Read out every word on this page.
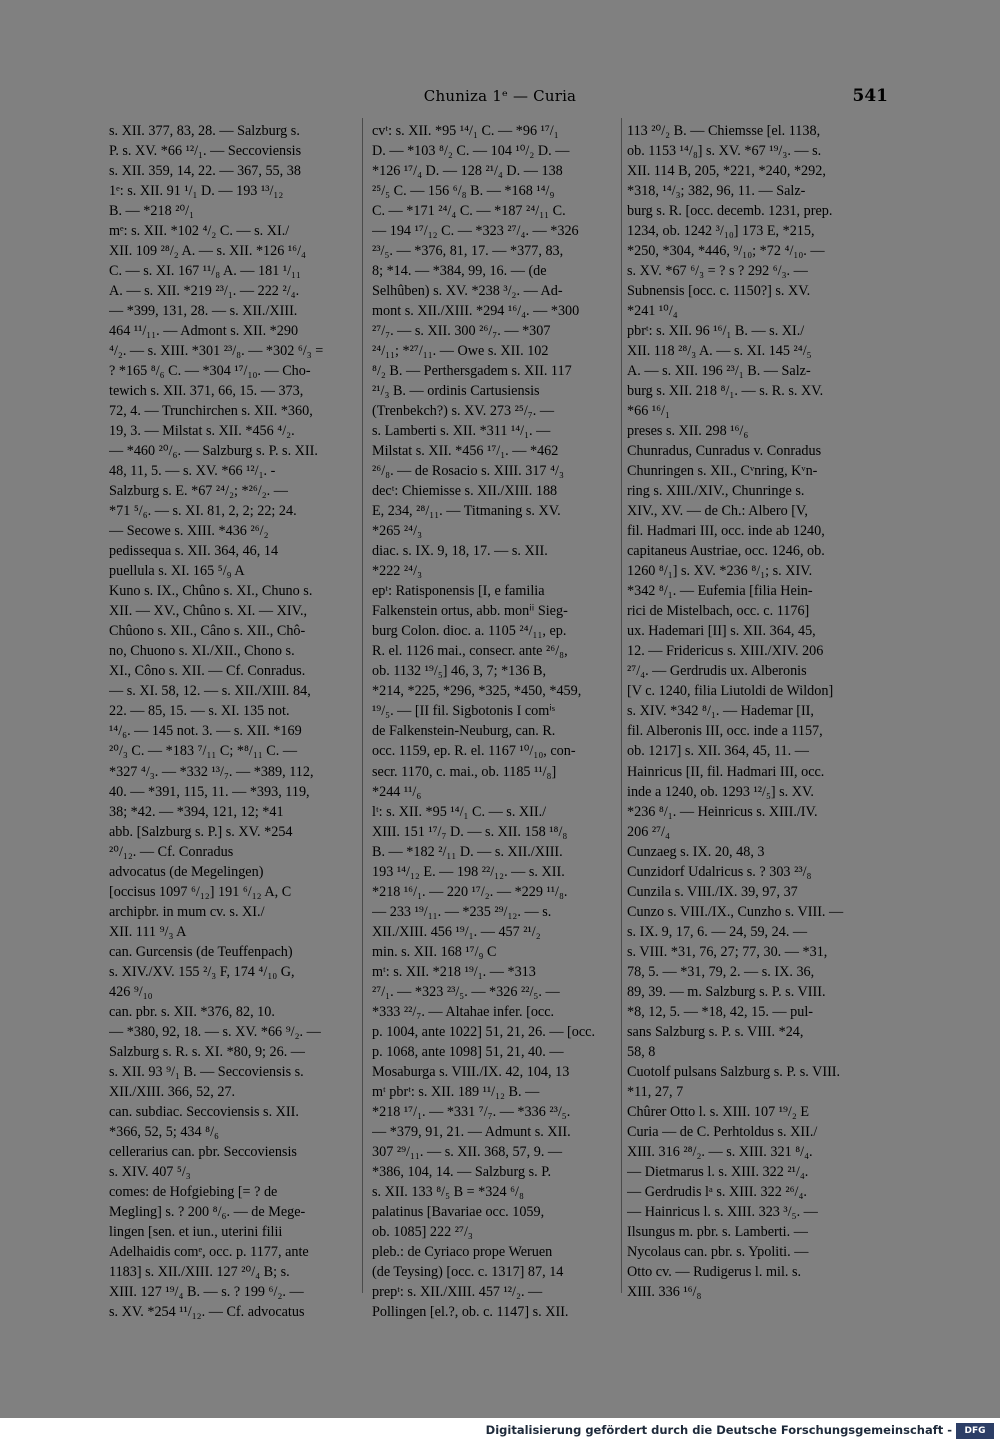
Chuniza 1ᵉ — Curia	541
s. XII. 377, 83, 28. — Salzburg s.
P. s. XV. *66 ¹²/₁. — Seccoviensis
s. XII. 359, 14, 22. — 367, 55, 38
1ᵉ: s. XII. 91 ¹/₁ D. — 193 ¹³/₁₂
B. — *218 ²⁰/₁
mᵉ: s. XII. *102 ⁴/₂ C. — s. XI./
XII. 109 ²⁸/₂ A. — s. XII. *126 ¹⁶/₄
C. — s. XI. 167 ¹¹/₈ A. — 181 ¹/₁₁
A. — s. XII. *219 ²³/₁. — 222 ²/₄.
— *399, 131, 28. — s. XII./XIII.
464 ¹¹/₁₁. — Admont s. XII. *290
⁴/₂. — s. XIII. *301 ²³/₈. — *302 ⁶/₃ =
? *165 ⁸/₆ C. — *304 ¹⁷/₁₀. — Cho-
tewich s. XII. 371, 66, 15. — 373,
72, 4. — Trunchirchen s. XII. *360,
19, 3. — Milstat s. XII. *456 ⁴/₂.
— *460 ²⁰/₆. — Salzburg s. P. s. XII.
48, 11, 5. — s. XV. *66 ¹²/₁. -
Salzburg s. E. *67 ²⁴/₂; *²⁶/₂. —
*71 ⁵/₆. — s. XI. 81, 2, 2; 22; 24.
— Secowe s. XIII. *436 ²⁶/₂
pedissequa s. XII. 364, 46, 14
puellula s. XI. 165 ⁵/₉ A
Kuno s. IX., Chûno s. XI., Chuno s.
XII. — XV., Chûno s. XI. — XIV.,
Chûono s. XII., Câno s. XII., Chô-
no, Chuono s. XI./XII., Chono s.
XI., Côno s. XII. — Cf. Conradus.
— s. XI. 58, 12. — s. XII./XIII. 84,
22. — 85, 15. — s. XI. 135 not.
¹⁴/₆. — 145 not. 3. — s. XII. *169
²⁰/₃ C. — *183 ⁷/₁₁ C; *⁸/₁₁ C. —
*327 ⁴/₃. — *332 ¹³/₇. — *389, 112,
40. — *391, 115, 11. — *393, 119,
38; *42. — *394, 121, 12; *41
abb. [Salzburg s. P.] s. XV. *254
²⁰/₁₂. — Cf. Conradus
advocatus (de Megelingen)
[occisus 1097 ⁶/₁₂] 191 ⁶/₁₂ A, C
archipbr. in mum cv. s. XI./
XII. 111 ⁹/₃ A
can. Gurcensis (de Teuffenpach)
s. XIV./XV. 155 ²/₃ F, 174 ⁴/₁₀ G,
426 ⁹/₁₀
can. pbr. s. XII. *376, 82, 10.
— *380, 92, 18. — s. XV. *66 ⁹/₂. —
Salzburg s. R. s. XI. *80, 9; 26. —
s. XII. 93 ⁹/₁ B. — Seccoviensis s.
XII./XIII. 366, 52, 27.
can. subdiac. Seccoviensis s. XII.
*366, 52, 5; 434 ⁸/₆
cellerarius can. pbr. Seccoviensis
s. XIV. 407 ⁵/₃
comes: de Hofgiebing [= ? de
Megling] s. ? 200 ⁸/₆. — de Mege-
lingen [sen. et iun., uterini filii
Adelhaidis comᵉ, occ. p. 1177, ante
1183] s. XII./XIII. 127 ²⁰/₄ B; s.
XIII. 127 ¹⁹/₄ B. — s. ? 199 ⁶/₂. —
s. XV. *254 ¹¹/₁₂. — Cf. advocatus
cvᵗ: s. XII. *95 ¹⁴/₁ C. — *96 ¹⁷/₁
D. — *103 ⁸/₂ C. — 104 ¹⁰/₂ D. —
*126 ¹⁷/₄ D. — 128 ²¹/₄ D. — 138
²⁵/₅ C. — 156 ⁶/₈ B. — *168 ¹⁴/₉
C. — *171 ²⁴/₄ C. — *187 ²⁴/₁₁ C.
— 194 ¹⁷/₁₂ C. — *323 ²⁷/₄. — *326
²³/₅. — *376, 81, 17. — *377, 83,
8; *14. — *384, 99, 16. — (de
Selhûben) s. XV. *238 ³/₂. — Ad-
mont s. XII./XIII. *294 ¹⁶/₄. — *300
²⁷/₇. — s. XII. 300 ²⁶/₇. — *307
²⁴/₁₁; *²⁷/₁₁. — Owe s. XII. 102
⁸/₂ B. — Perthersgadem s. XII. 117
²¹/₃ B. — ordinis Cartusiensis
(Trenbekch?) s. XV. 273 ²⁵/₇. —
s. Lamberti s. XII. *311 ¹⁴/₁. —
Milstat s. XII. *456 ¹⁷/₁. — *462
²⁶/₈. — de Rosacio s. XIII. 317 ⁴/₃
decᵗ: Chiemisse s. XII./XIII. 188
E, 234, ²⁸/₁₁. — Titmaning s. XV.
*265 ²⁴/₃
diac. s. IX. 9, 18, 17. — s. XII.
*222 ²⁴/₃
epᵗ: Ratisponensis [I, e familia
Falkenstein ortus, abb. monⁱⁱ Sieg-
burg Colon. dioc. a. 1105 ²⁴/₁₁, ep.
R. el. 1126 mai., consecr. ante ²⁶/₈,
ob. 1132 ¹⁹/₅] 46, 3, 7; *136 B,
*214, *225, *296, *325, *450, *459,
¹⁹/₅. — [II fil. Sigbotonis I comⁱˢ
de Falkenstein-Neuburg, can. R.
occ. 1159, ep. R. el. 1167 ¹⁰/₁₀, con-
secr. 1170, c. mai., ob. 1185 ¹¹/₈]
*244 ¹¹/₆
lᵗ: s. XII. *95 ¹⁴/₁ C. — s. XII./
XIII. 151 ¹⁷/₇ D. — s. XII. 158 ¹⁸/₈
B. — *182 ²/₁₁ D. — s. XII./XIII.
193 ¹⁴/₁₂ E. — 198 ²²/₁₂. — s. XII.
*218 ¹⁶/₁. — 220 ¹⁷/₂. — *229 ¹¹/₈.
— 233 ¹⁹/₁₁. — *235 ²⁹/₁₂. — s.
XII./XIII. 456 ¹⁹/₁. — 457 ²¹/₂
min. s. XII. 168 ¹⁷/₉ C
mᵗ: s. XII. *218 ¹⁹/₁. — *313
²⁷/₁. — *323 ²³/₅. — *326 ²²/₅. —
*333 ²²/₇. — Altahae infer. [occ.
p. 1004, ante 1022] 51, 21, 26. — [occ.
p. 1068, ante 1098] 51, 21, 40. —
Mosaburga s. VIII./IX. 42, 104, 13
mᵗ pbrᵗ: s. XII. 189 ¹¹/₁₂ B. —
*218 ¹⁷/₁. — *331 ⁷/₇. — *336 ²³/₅.
— *379, 91, 21. — Admunt s. XII.
307 ²⁹/₁₁. — s. XII. 368, 57, 9. —
*386, 104, 14. — Salzburg s. P.
s. XII. 133 ⁸/₅ B = *324 ⁶/₈
palatinus [Bavariae occ. 1059,
ob. 1085] 222 ²⁷/₃
pleb.: de Cyriaco prope Weruen
(de Teysing) [occ. c. 1317] 87, 14
prepᵗ: s. XII./XIII. 457 ¹²/₂. —
Pollingen [el.?, ob. c. 1147] s. XII.
113 ²⁰/₂ B. — Chiemsse [el. 1138,
ob. 1153 ¹⁴/₈] s. XV. *67 ¹⁹/₃. — s.
XII. 114 B, 205, *221, *240, *292,
*318, ¹⁴/₃; 382, 96, 11. — Salz-
burg s. R. [occ. decemb. 1231, prep.
1234, ob. 1242 ³/₁₀] 173 E, *215,
*250, *304, *446, ⁹/₁₀; *72 ⁴/₁₀. —
s. XV. *67 ⁶/₃ = ? s ? 292 ⁶/₃. —
Subnensis [occ. c. 1150?] s. XV.
*241 ¹⁰/₄
pbrᵗ: s. XII. 96 ¹⁶/₁ B. — s. XI./
XII. 118 ²⁸/₃ A. — s. XI. 145 ²⁴/₅
A. — s. XII. 196 ²³/₁ B. — Salz-
burg s. XII. 218 ⁸/₁. — s. R. s. XV.
*66 ¹⁶/₁
preses s. XII. 298 ¹⁶/₆
Chunradus, Cunradus v. Conradus
Chunringen s. XII., Cᵛnring, Kᵛn-
ring s. XIII./XIV., Chunringe s.
XIV., XV. — de Ch.: Albero [V,
fil. Hadmari III, occ. inde ab 1240,
capitaneus Austriae, occ. 1246, ob.
1260 ⁸/₁] s. XV. *236 ⁸/₁; s. XIV.
*342 ⁸/₁. — Eufemia [filia Hein-
rici de Mistelbach, occ. c. 1176]
ux. Hademari [II] s. XII. 364, 45,
12. — Fridericus s. XIII./XIV. 206
²⁷/₄. — Gerdrudis ux. Alberonis
[V c. 1240, filia Liutoldi de Wildon]
s. XIV. *342 ⁸/₁. — Hademar [II,
fil. Alberonis III, occ. inde a 1157,
ob. 1217] s. XII. 364, 45, 11. —
Hainricus [II, fil. Hadmari III, occ.
inde a 1240, ob. 1293 ¹²/₅] s. XV.
*236 ⁸/₁. — Heinricus s. XIII./IV.
206 ²⁷/₄
Cunzaeg s. IX. 20, 48, 3
Cunzidorf Udalricus s. ? 303 ²³/₈
Cunzila s. VIII./IX. 39, 97, 37
Cunzo s. VIII./IX., Cunzho s. VIII. —
s. IX. 9, 17, 6. — 24, 59, 24. —
s. VIII. *31, 76, 27; 77, 30. — *31,
78, 5. — *31, 79, 2. — s. IX. 36,
89, 39. — m. Salzburg s. P. s. VIII.
*8, 12, 5. — *18, 42, 15. — pul-
sans Salzburg s. P. s. VIII. *24,
58, 8
Cuotolf pulsans Salzburg s. P. s. VIII.
*11, 27, 7
Chûrer Otto l. s. XIII. 107 ¹⁹/₂ E
Curia — de C. Perhtoldus s. XII./
XIII. 316 ²⁸/₂. — s. XIII. 321 ⁸/₄.
— Dietmarus l. s. XIII. 322 ²¹/₄.
— Gerdrudis lᵃ s. XIII. 322 ²⁶/₄.
— Hainricus l. s. XIII. 323 ³/₅. —
Ilsungus m. pbr. s. Lamberti. —
Nycolaus can. pbr. s. Ypoliti. —
Otto cv. — Rudigerus l. mil. s.
XIII. 336 ¹⁶/₈
Digitalisierung gefördert durch die Deutsche Forschungsgemeinschaft -	DFG
